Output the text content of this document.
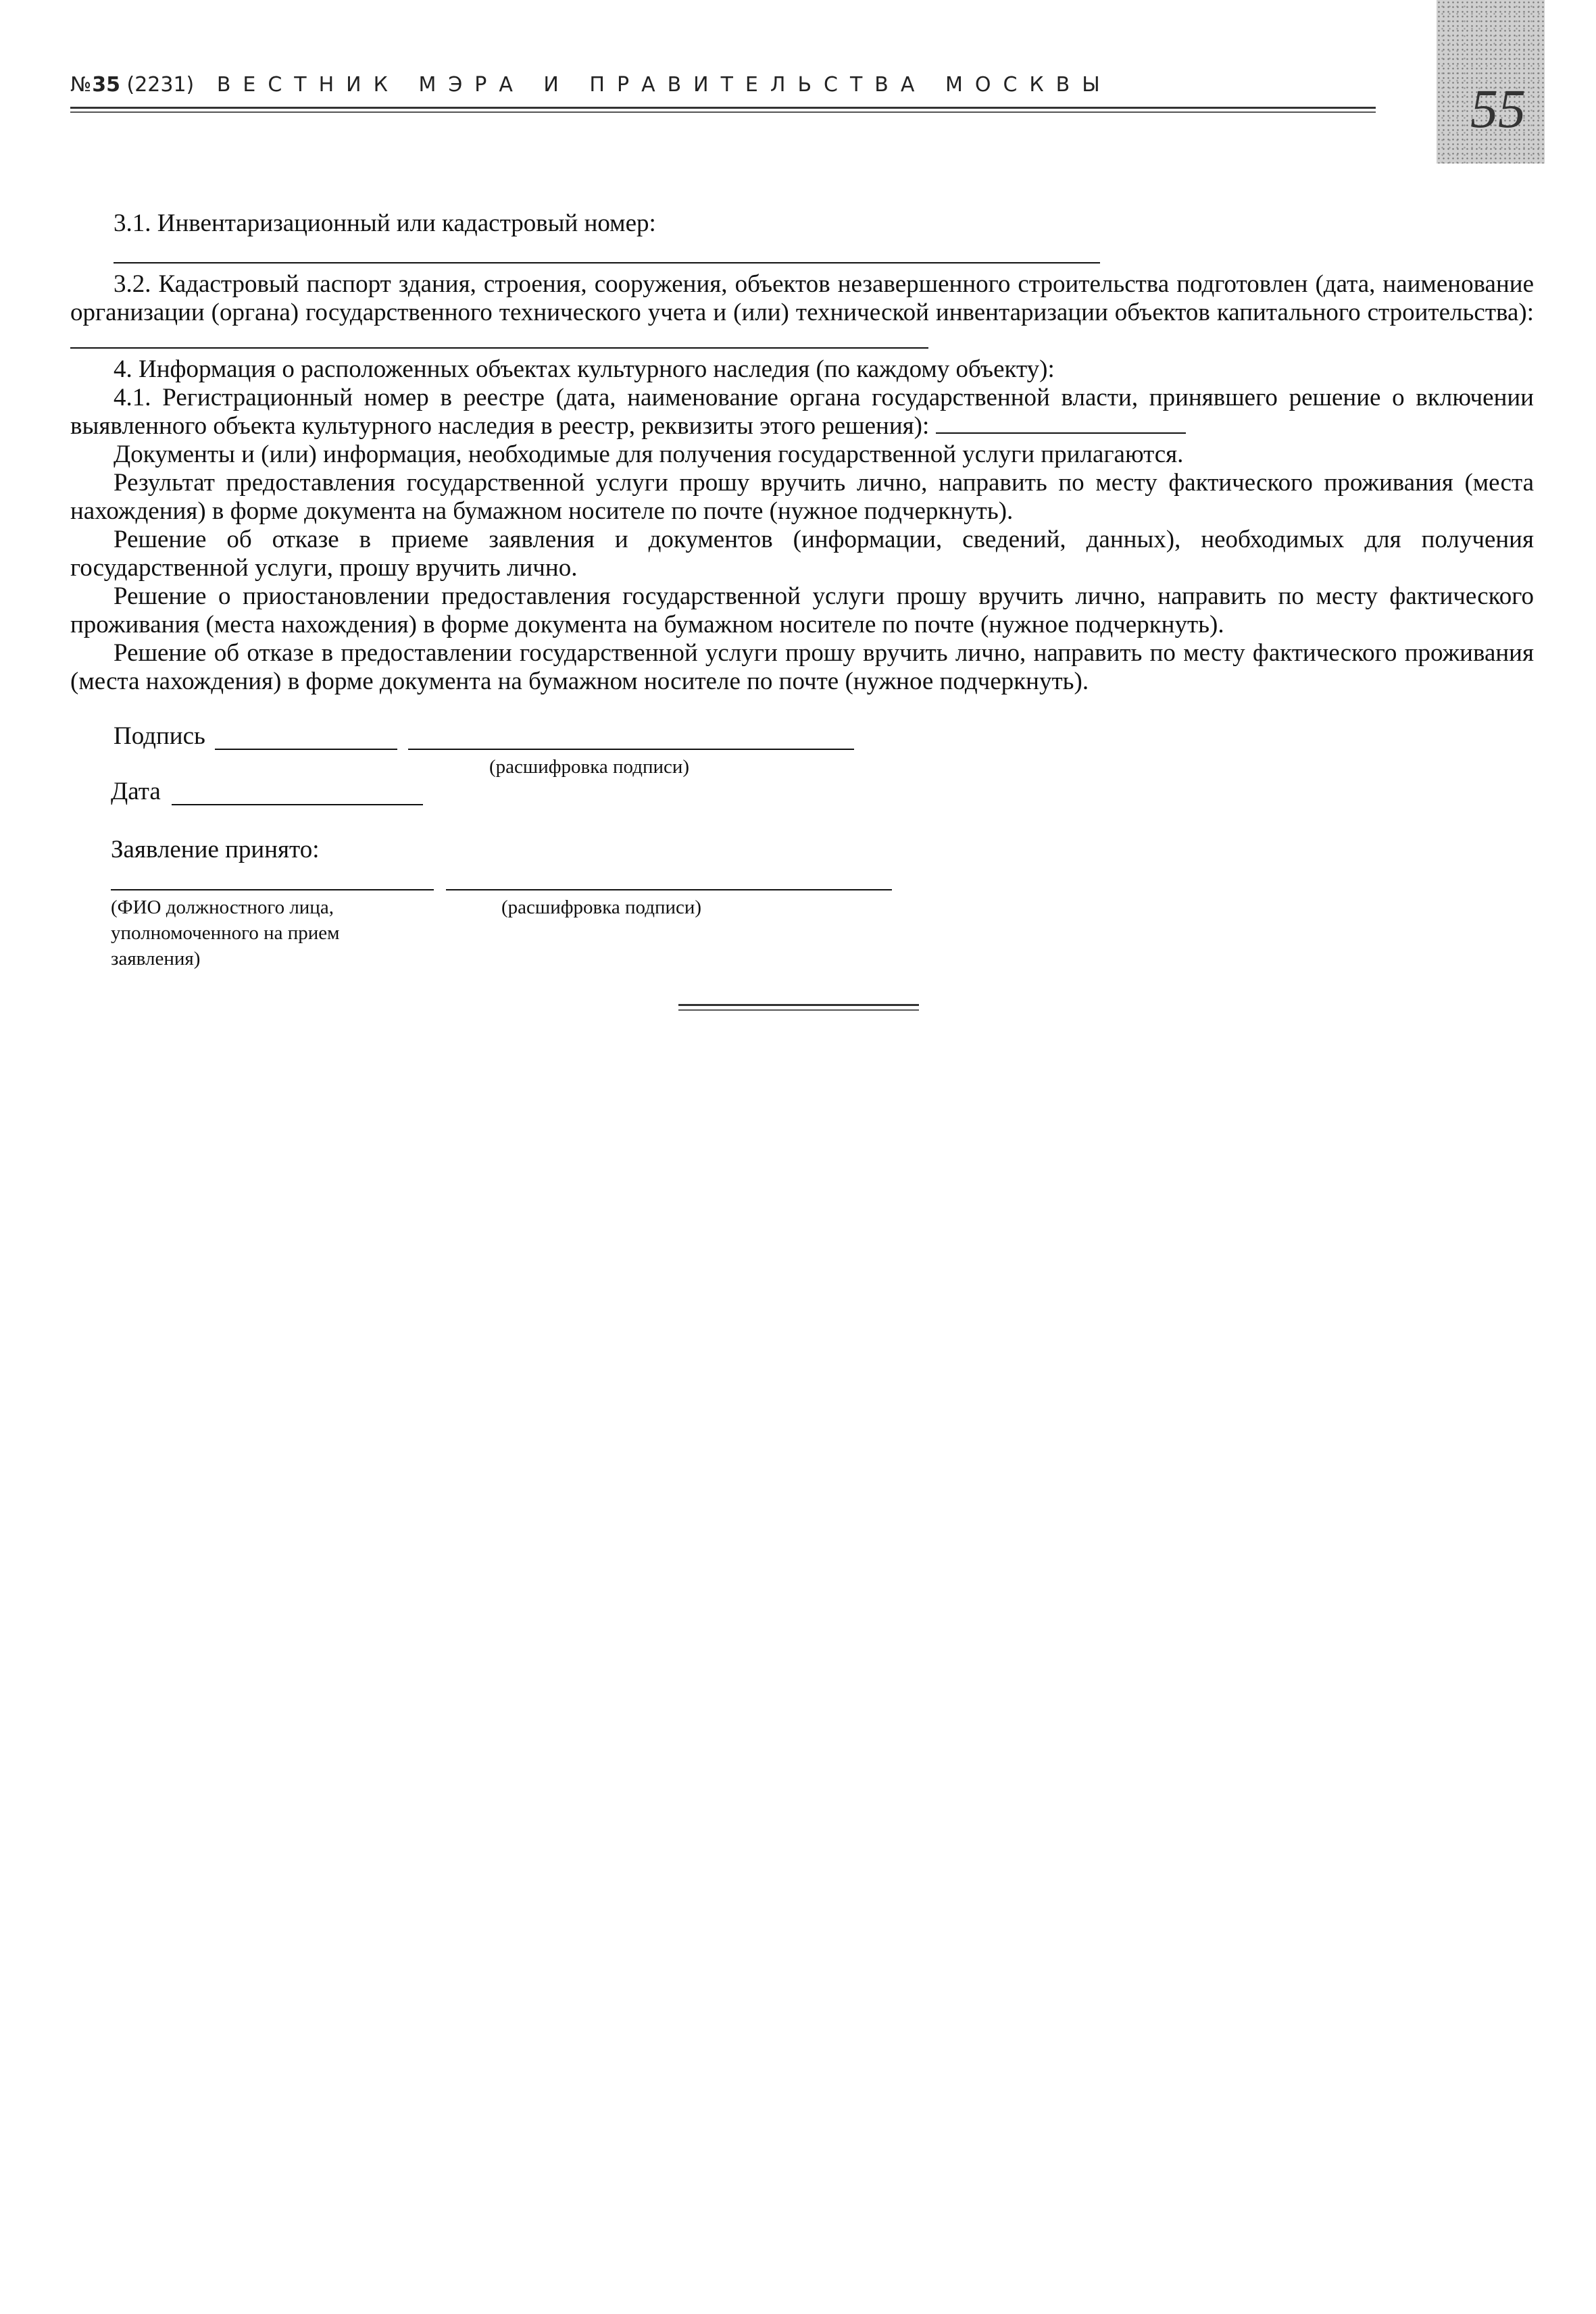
55
№35 (2231) ВЕСТНИК МЭРА И ПРАВИТЕЛЬСТВА МОСКВЫ

3.1. Инвентаризационный или кадастровый номер:

3.2. Кадастровый паспорт здания, строения, сооружения, объектов незавершенного строительства подготовлен (дата, наименование организации (органа) государственного технического учета и (или) технической инвентаризации объектов капитального строительства):

4. Информация о расположенных объектах культурного наследия (по каждому объекту):

4.1. Регистрационный номер в реестре (дата, наименование органа государственной власти, принявшего решение о включении выявленного объекта культурного наследия в реестр, реквизиты этого решения):

Документы и (или) информация, необходимые для получения государственной услуги прилагаются.

Результат предоставления государственной услуги прошу вручить лично, направить по месту фактического проживания (места нахождения) в форме документа на бумажном носителе по почте (нужное подчеркнуть).

Решение об отказе в приеме заявления и документов (информации, сведений, данных), необходимых для получения государственной услуги, прошу вручить лично.

Решение о приостановлении предоставления государственной услуги прошу вручить лично, направить по месту фактического проживания (места нахождения) в форме документа на бумажном носителе по почте (нужное подчеркнуть).

Решение об отказе в предоставлении государственной услуги прошу вручить лично, направить по месту фактического проживания (места нахождения) в форме документа на бумажном носителе по почте (нужное подчеркнуть).

Подпись
(расшифровка подписи)
Дата
Заявление принято:
(ФИО должностного лица,
уполномоченного на прием
заявления)
(расшифровка подписи)
